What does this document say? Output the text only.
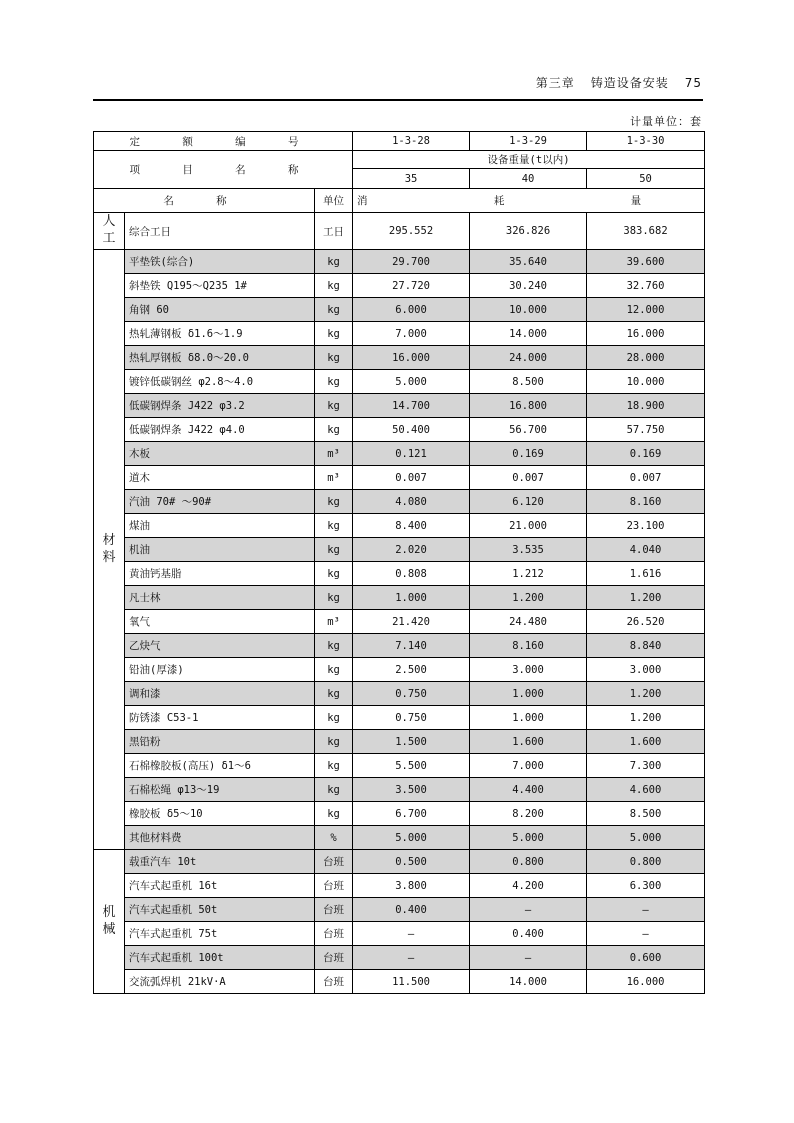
第三章 铸造设备安装 75
计量单位：套
定 额 编 号			1-3-28	1-3-29	1-3-30
项 目 名 称			设备重量(t以内)		
			35	40	50
名 称		单位	消 耗 量		
人工	综合工日	工日	295.552	326.826	383.682
材料	平垫铁(综合)	kg	29.700	35.640	39.600
	斜垫铁 Q195～Q235 1#	kg	27.720	30.240	32.760
	角钢 60	kg	6.000	10.000	12.000
	热轧薄钢板 δ1.6～1.9	kg	7.000	14.000	16.000
	热轧厚钢板 δ8.0～20.0	kg	16.000	24.000	28.000
	镀锌低碳钢丝 φ2.8～4.0	kg	5.000	8.500	10.000
	低碳钢焊条 J422 φ3.2	kg	14.700	16.800	18.900
	低碳钢焊条 J422 φ4.0	kg	50.400	56.700	57.750
	木板	m³	0.121	0.169	0.169
	道木	m³	0.007	0.007	0.007
	汽油 70# ～90#	kg	4.080	6.120	8.160
	煤油	kg	8.400	21.000	23.100
	机油	kg	2.020	3.535	4.040
	黄油钙基脂	kg	0.808	1.212	1.616
	凡士林	kg	1.000	1.200	1.200
	氧气	m³	21.420	24.480	26.520
	乙炔气	kg	7.140	8.160	8.840
	铅油(厚漆)	kg	2.500	3.000	3.000
	调和漆	kg	0.750	1.000	1.200
	防锈漆 C53-1	kg	0.750	1.000	1.200
	黑铅粉	kg	1.500	1.600	1.600
	石棉橡胶板(高压) δ1～6	kg	5.500	7.000	7.300
	石棉松绳 φ13～19	kg	3.500	4.400	4.600
	橡胶板 δ5～10	kg	6.700	8.200	8.500
	其他材料费	%	5.000	5.000	5.000
机械	载重汽车 10t	台班	0.500	0.800	0.800
	汽车式起重机 16t	台班	3.800	4.200	6.300
	汽车式起重机 50t	台班	0.400	—	—
	汽车式起重机 75t	台班	—	0.400	—
	汽车式起重机 100t	台班	—	—	0.600
	交流弧焊机 21kV·A	台班	11.500	14.000	16.000
